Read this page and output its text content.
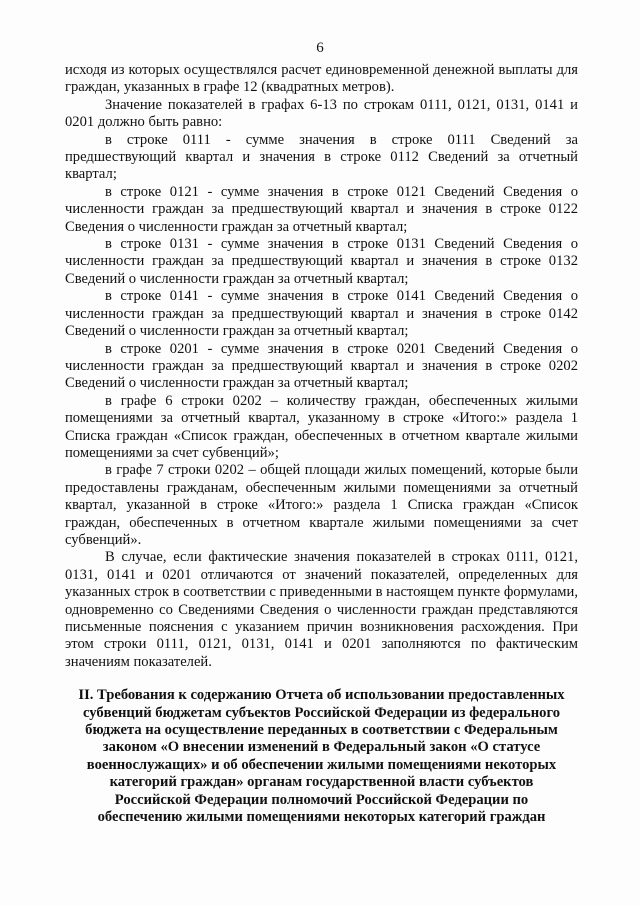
6

исходя из которых осуществлялся расчет единовременной денежной выплаты для граждан, указанных в графе 12 (квадратных метров).

Значение показателей в графах 6-13 по строкам 0111, 0121, 0131, 0141 и 0201 должно быть равно:

в строке 0111 - сумме значения в строке 0111 Сведений за предшествующий квартал и значения в строке 0112 Сведений за отчетный квартал;

в строке 0121 - сумме значения в строке 0121 Сведений Сведения о численности граждан за предшествующий квартал и значения в строке 0122 Сведения о численности граждан за отчетный квартал;

в строке 0131 - сумме значения в строке 0131 Сведений Сведения о численности граждан за предшествующий квартал и значения в строке 0132 Сведений о численности граждан за отчетный квартал;

в строке 0141 - сумме значения в строке 0141 Сведений Сведения о численности граждан за предшествующий квартал и значения в строке 0142 Сведений о численности граждан за отчетный квартал;

в строке 0201 - сумме значения в строке 0201 Сведений Сведения о численности граждан за предшествующий квартал и значения в строке 0202 Сведений о численности граждан за отчетный квартал;

в графе 6 строки 0202 – количеству граждан, обеспеченных жилыми помещениями за отчетный квартал, указанному в строке «Итого:» раздела 1 Списка граждан «Список граждан, обеспеченных в отчетном квартале жилыми помещениями за счет субвенций»;

в графе 7 строки 0202 – общей площади жилых помещений, которые были предоставлены гражданам, обеспеченным жилыми помещениями за отчетный квартал, указанной в строке «Итого:» раздела 1 Списка граждан «Список граждан, обеспеченных в отчетном квартале жилыми помещениями за счет субвенций».

В случае, если фактические значения показателей в строках 0111, 0121, 0131, 0141 и 0201 отличаются от значений показателей, определенных для указанных строк в соответствии с приведенными в настоящем пункте формулами, одновременно со Сведениями Сведения о численности граждан представляются письменные пояснения с указанием причин возникновения расхождения. При этом строки 0111, 0121, 0131, 0141 и 0201 заполняются по фактическим значениям показателей.

II. Требования к содержанию Отчета об использовании предоставленных
субвенций бюджетам субъектов Российской Федерации из федерального
бюджета на осуществление переданных в соответствии с Федеральным
законом «О внесении изменений в Федеральный закон «О статусе
военнослужащих» и об обеспечении жилыми помещениями некоторых
категорий граждан» органам государственной власти субъектов
Российской Федерации полномочий Российской Федерации по
обеспечению жилыми помещениями некоторых категорий граждан
